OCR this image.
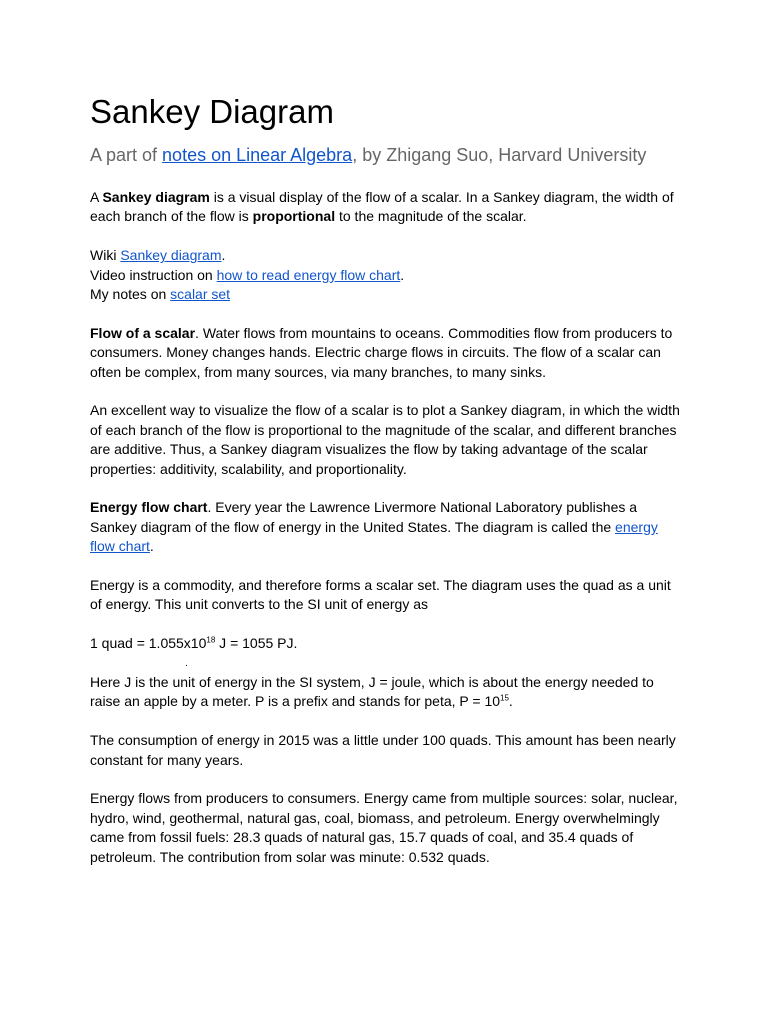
Sankey Diagram
A part of notes on Linear Algebra, by Zhigang Suo, Harvard University

A Sankey diagram is a visual display of the flow of a scalar. In a Sankey diagram, the width of each branch of the flow is proportional to the magnitude of the scalar.

Wiki Sankey diagram.

Video instruction on how to read energy flow chart.

My notes on scalar set

Flow of a scalar. Water flows from mountains to oceans. Commodities flow from producers to consumers. Money changes hands. Electric charge flows in circuits. The flow of a scalar can often be complex, from many sources, via many branches, to many sinks.

An excellent way to visualize the flow of a scalar is to plot a Sankey diagram, in which the width of each branch of the flow is proportional to the magnitude of the scalar, and different branches are additive. Thus, a Sankey diagram visualizes the flow by taking advantage of the scalar properties: additivity, scalability, and proportionality.

Energy flow chart. Every year the Lawrence Livermore National Laboratory publishes a Sankey diagram of the flow of energy in the United States. The diagram is called the energy flow chart.

Energy is a commodity, and therefore forms a scalar set. The diagram uses the quad as a unit of energy. This unit converts to the SI unit of energy as

1 quad = $1.055x10^{18}$ J = 1055 PJ.

.

Here J is the unit of energy in the SI system, J = joule, which is about the energy needed to raise an apple by a meter. P is a prefix and stands for peta, $P = 10^{15}$.

The consumption of energy in 2015 was a little under 100 quads. This amount has been nearly constant for many years.

Energy flows from producers to consumers. Energy came from multiple sources: solar, nuclear, hydro, wind, geothermal, natural gas, coal, biomass, and petroleum. Energy overwhelmingly came from fossil fuels: 28.3 quads of natural gas, 15.7 quads of coal, and 35.4 quads of petroleum. The contribution from solar was minute: 0.532 quads.
